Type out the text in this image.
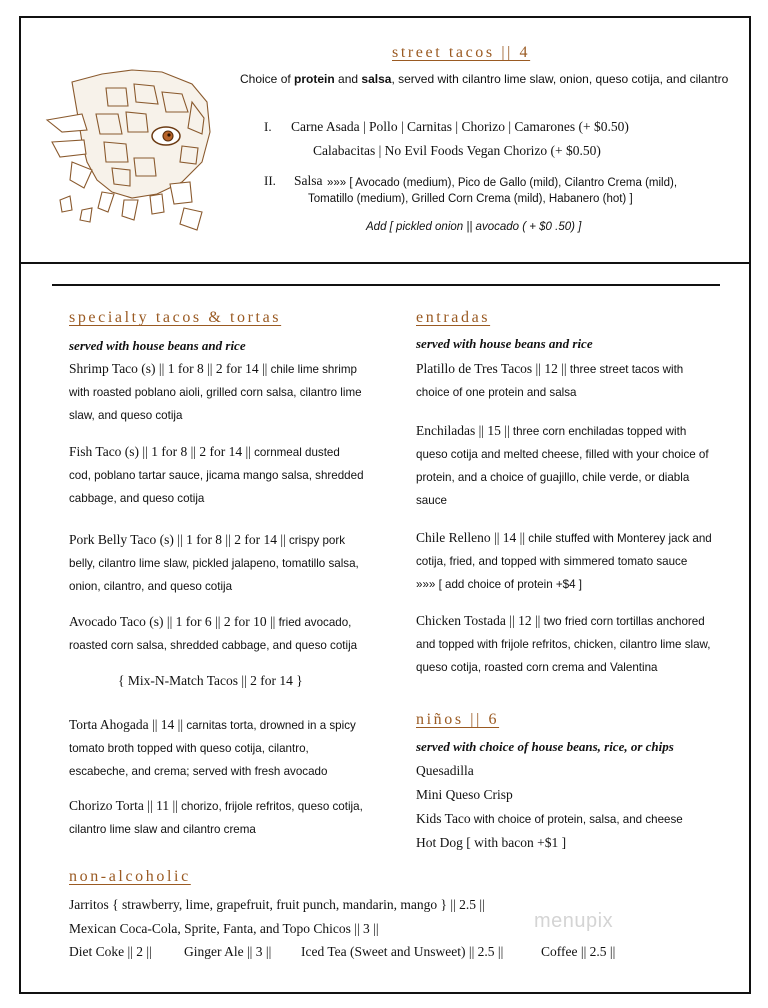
street tacos || 4
Choice of protein and salsa, served with cilantro lime slaw, onion, queso cotija, and cilantro
I. Carne Asada | Pollo | Carnitas | Chorizo | Camarones (+ $0.50)
Calabacitas | No Evil Foods Vegan Chorizo (+ $0.50)
II. Salsa »»» [ Avocado (medium), Pico de Gallo (mild), Cilantro Crema (mild),
Tomatillo (medium), Grilled Corn Crema (mild), Habanero (hot) ]
Add [ pickled onion || avocado ( + $0 .50) ]
specialty tacos & tortas
served with house beans and rice
Shrimp Taco (s) || 1 for 8 || 2 for 14 || chile lime shrimp
with roasted poblano aioli, grilled corn salsa, cilantro lime
slaw, and queso cotija
Fish Taco (s) || 1 for 8 || 2 for 14 || cornmeal dusted
cod, poblano tartar sauce, jicama mango salsa, shredded
cabbage, and queso cotija
Pork Belly Taco (s) || 1 for 8 || 2 for 14 || crispy pork
belly, cilantro lime slaw, pickled jalapeno, tomatillo salsa,
onion, cilantro, and queso cotija
Avocado Taco (s) || 1 for 6 || 2 for 10 || fried avocado,
roasted corn salsa, shredded cabbage, and queso cotija
{ Mix-N-Match Tacos || 2 for 14 }
Torta Ahogada || 14 || carnitas torta, drowned in a spicy
tomato broth topped with queso cotija, cilantro,
escabeche, and crema; served with fresh avocado
Chorizo Torta || 11 || chorizo, frijole refritos, queso cotija,
cilantro lime slaw and cilantro crema
entradas
served with house beans and rice
Platillo de Tres Tacos || 12 || three street tacos with
choice of one protein and salsa
Enchiladas || 15 || three corn enchiladas topped with
queso cotija and melted cheese, filled with your choice of
protein, and a choice of guajillo, chile verde, or diabla
sauce
Chile Relleno || 14 || chile stuffed with Monterey jack and
cotija, fried, and topped with simmered tomato sauce
»»» [ add choice of protein +$4 ]
Chicken Tostada || 12 || two fried corn tortillas anchored
and topped with frijole refritos, chicken, cilantro lime slaw,
queso cotija, roasted corn crema and Valentina
niños || 6
served with choice of house beans, rice, or chips
Quesadilla
Mini Queso Crisp
Kids Taco with choice of protein, salsa, and cheese
Hot Dog [ with bacon +$1 ]
non-alcoholic
Jarritos { strawberry, lime, grapefruit, fruit punch, mandarin, mango } || 2.5 ||
Mexican Coca-Cola, Sprite, Fanta, and Topo Chicos || 3 ||
Diet Coke || 2 || Ginger Ale || 3 || Iced Tea (Sweet and Unsweet) || 2.5 ||	Coffee || 2.5 ||
menupix
